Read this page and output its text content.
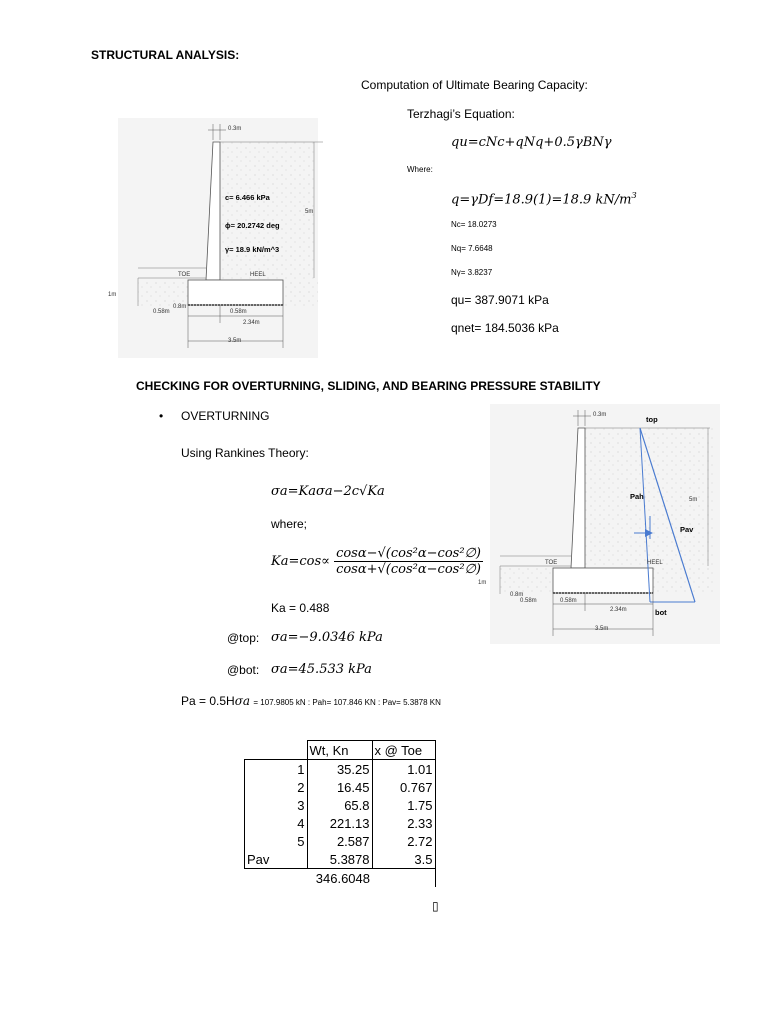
STRUCTURAL ANALYSIS:
Computation of Ultimate Bearing Capacity:
Terzhagi’s Equation:
qu=cNc+qNq+0.5γBNγ
Where:
q=γDf=18.9(1)=18.9 $kN/m^3$
Nc= 18.0273
Nq= 7.6648
Nγ= 3.8237
qu= 387.9071 kPa
qnet= 184.5036 kPa
0.3m
5m
1m
0.8m
0.58m	0.58m
2.34m
3.5m
TOE	HEEL
c= 6.466 kPa
ϕ= 20.2742 deg
γ= 18.9 kN/m^3
CHECKING FOR OVERTURNING, SLIDING, AND BEARING PRESSURE STABILITY
• OVERTURNING
Using Rankines Theory:
σa=Kaσa−2c√Ka
where;
$Ka=\cos\propto \frac{\text{cosα−√(cos²α−cos²∅)}}{\text{cosα+√(cos²α−cos²∅)}}$
Ka = 0.488
@top: σa=−9.0346 kPa
@bot: σa=45.533 kPa
Pa = 0.5Hσa = 107.9805 kN : Pah= 107.846 KN : Pav= 5.3878 KN
0.3m	top
Pah
Pav
bot
5m
1m
0.8m
0.58m	0.58m
2.34m
3.5m
TOE	HEEL
	Wt, Kn	x @ Toe
1	35.25	1.01
2	16.45	0.767
3	65.8	1.75
4	221.13	2.33
5	2.587	2.72
Pav	5.3878	3.5
	346.6048	
▯
